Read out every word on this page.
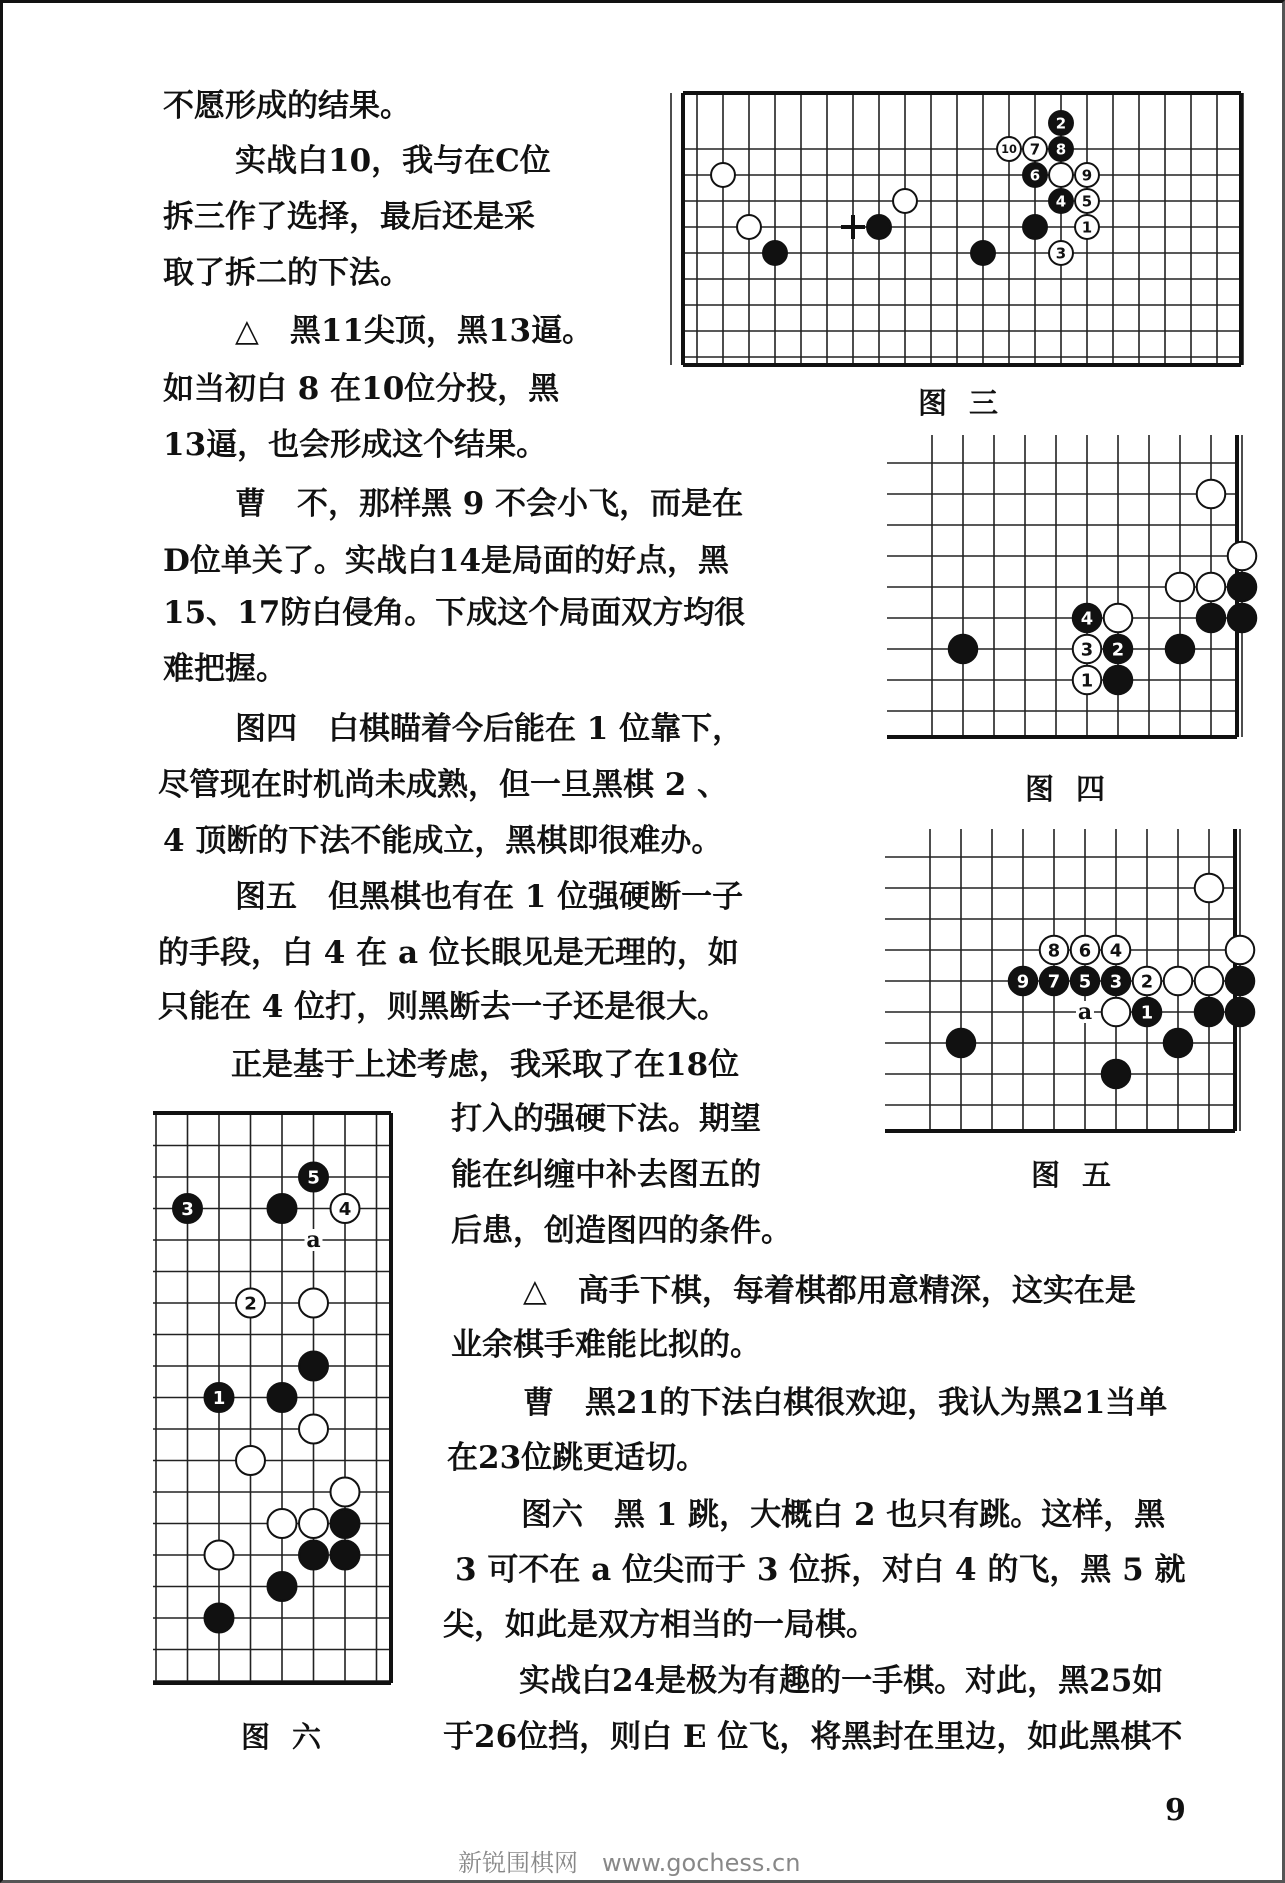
不愿形成的结果。
实战白10，我与在C位
拆三作了选择，最后还是采
取了拆二的下法。
△　黑11尖顶，黑13逼。
如当初白 8 在10位分投，黑
13逼，也会形成这个结果。
曹　不，那样黑 9 不会小飞，而是在
D位单关了。实战白14是局面的好点，黑
15、17防白侵角。下成这个局面双方均很
难把握。
图四　白棋瞄着今后能在 1 位靠下，
尽管现在时机尚未成熟，但一旦黑棋 2 、
4 顶断的下法不能成立，黑棋即很难办。
图五　但黑棋也有在 1 位强硬断一子
的手段，白 4 在 a 位长眼见是无理的，如
只能在 4 位打，则黑断去一子还是很大。
正是基于上述考虑，我采取了在18位
打入的强硬下法。期望
能在纠缠中补去图五的
后患，创造图四的条件。
△　高手下棋，每着棋都用意精深，这实在是
业余棋手难能比拟的。
曹　黑21的下法白棋很欢迎，我认为黑21当单
在23位跳更适切。
图六　黑 1 跳，大概白 2 也只有跳。这样，黑
3 可不在 a 位尖而于 3 位拆，对白 4 的飞，黑 5 就
尖，如此是双方相当的一局棋。
实战白24是极为有趣的一手棋。对此，黑25如
于26位挡，则白 E 位飞，将黑封在里边，如此黑棋不
2
10 7 8
6	9
4 5
1
3
图三
4
3 2
1
图四
a
8 6 4
9 7 5 3 2
1
图五
a
5
3	4
2
1
图六
9
新锐围棋网　www.gochess.cn
